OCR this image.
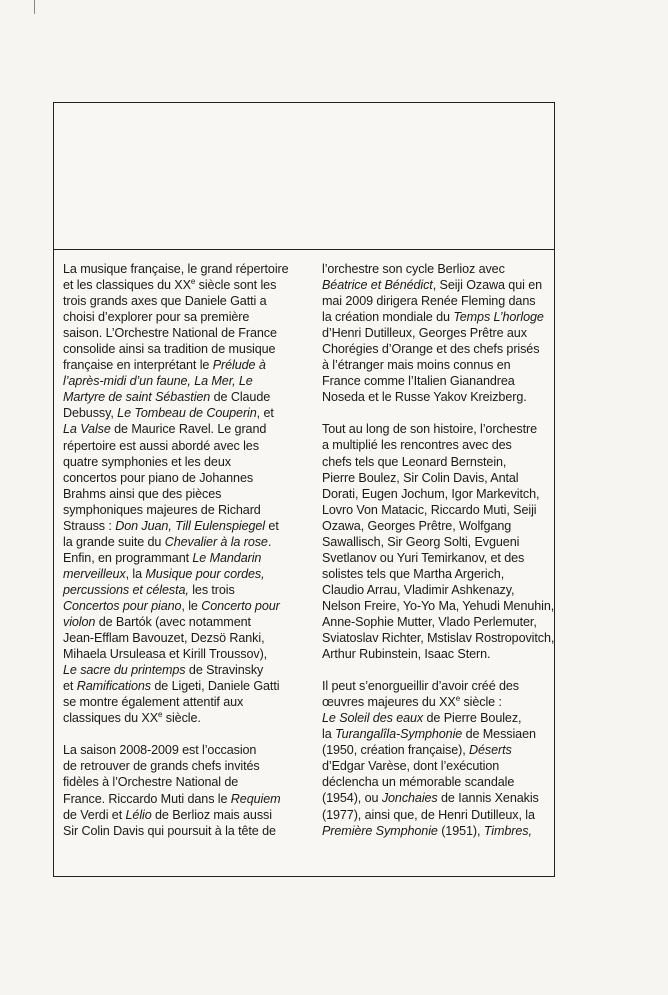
La musique française, le grand répertoire
et les classiques du XXe siècle sont les
trois grands axes que Daniele Gatti a
choisi d’explorer pour sa première
saison. L’Orchestre National de France
consolide ainsi sa tradition de musique
française en interprétant le Prélude à
l’après-midi d’un faune, La Mer, Le
Martyre de saint Sébastien de Claude
Debussy, Le Tombeau de Couperin, et
La Valse de Maurice Ravel. Le grand
répertoire est aussi abordé avec les
quatre symphonies et les deux
concertos pour piano de Johannes
Brahms ainsi que des pièces
symphoniques majeures de Richard
Strauss : Don Juan, Till Eulenspiegel et
la grande suite du Chevalier à la rose.
Enfin, en programmant Le Mandarin
merveilleux, la Musique pour cordes,
percussions et célesta, les trois
Concertos pour piano, le Concerto pour
violon de Bartók (avec notamment
Jean-Efflam Bavouzet, Dezsö Ranki,
Mihaela Ursuleasa et Kirill Troussov),
Le sacre du printemps de Stravinsky
et Ramifications de Ligeti, Daniele Gatti
se montre également attentif aux
classiques du XXe siècle.

La saison 2008-2009 est l’occasion
de retrouver de grands chefs invités
fidèles à l’Orchestre National de
France. Riccardo Muti dans le Requiem
de Verdi et Lélio de Berlioz mais aussi
Sir Colin Davis qui poursuit à la tête de

l’orchestre son cycle Berlioz avec
Béatrice et Bénédict, Seiji Ozawa qui en
mai 2009 dirigera Renée Fleming dans
la création mondiale du Temps L’horloge
d’Henri Dutilleux, Georges Prêtre aux
Chorégies d’Orange et des chefs prisés
à l’étranger mais moins connus en
France comme l’Italien Gianandrea
Noseda et le Russe Yakov Kreizberg.

Tout au long de son histoire, l’orchestre
a multiplié les rencontres avec des
chefs tels que Leonard Bernstein,
Pierre Boulez, Sir Colin Davis, Antal
Dorati, Eugen Jochum, Igor Markevitch,
Lovro Von Matacic, Riccardo Muti, Seiji
Ozawa, Georges Prêtre, Wolfgang
Sawallisch, Sir Georg Solti, Evgueni
Svetlanov ou Yuri Temirkanov, et des
solistes tels que Martha Argerich,
Claudio Arrau, Vladimir Ashkenazy,
Nelson Freire, Yo-Yo Ma, Yehudi Menuhin,
Anne-Sophie Mutter, Vlado Perlemuter,
Sviatoslav Richter, Mstislav Rostropovitch,
Arthur Rubinstein, Isaac Stern.

Il peut s’enorgueillir d’avoir créé des
œuvres majeures du XXe siècle :
Le Soleil des eaux de Pierre Boulez,
la Turangalîla-Symphonie de Messiaen
(1950, création française), Déserts
d’Edgar Varèse, dont l’exécution
déclencha un mémorable scandale
(1954), ou Jonchaies de Iannis Xenakis
(1977), ainsi que, de Henri Dutilleux, la
Première Symphonie (1951), Timbres,
